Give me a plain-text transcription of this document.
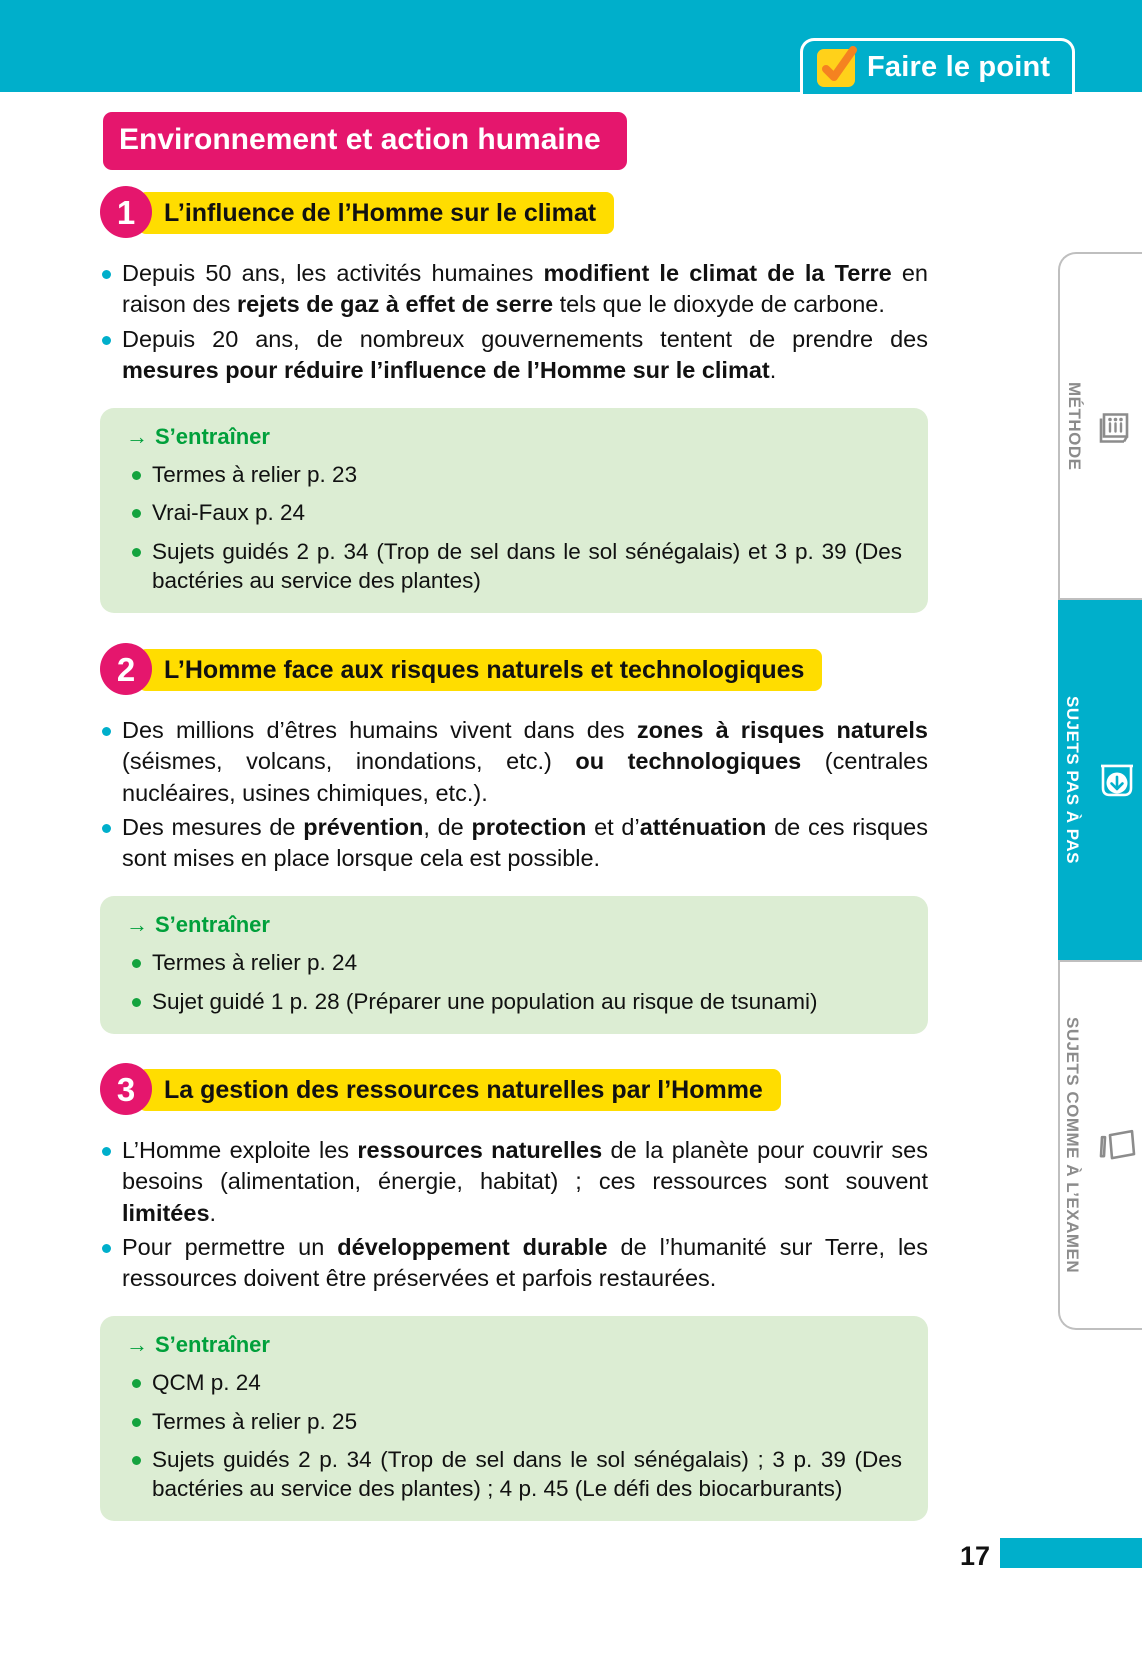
Faire le point
Environnement et action humaine
1	L’influence de l’Homme sur le climat
Depuis 50 ans, les activités humaines modifient le climat de la Terre en raison des rejets de gaz à effet de serre tels que le dioxyde de carbone.
Depuis 20 ans, de nombreux gouvernements tentent de prendre des mesures pour réduire l’influence de l’Homme sur le climat.
→ S’entraîner
Termes à relier p. 23
Vrai-Faux p. 24
Sujets guidés 2 p. 34 (Trop de sel dans le sol sénégalais) et 3 p. 39 (Des bactéries au service des plantes)
2	L’Homme face aux risques naturels et technologiques
Des millions d’êtres humains vivent dans des zones à risques naturels (séismes, volcans, inondations, etc.) ou technologiques (centrales nucléaires, usines chimiques, etc.).
Des mesures de prévention, de protection et d’atténuation de ces risques sont mises en place lorsque cela est possible.
→ S’entraîner
Termes à relier p. 24
Sujet guidé 1 p. 28 (Préparer une population au risque de tsunami)
3	La gestion des ressources naturelles par l’Homme
L’Homme exploite les ressources naturelles de la planète pour couvrir ses besoins (alimentation, énergie, habitat) ; ces ressources sont souvent limitées.
Pour permettre un développement durable de l’humanité sur Terre, les ressources doivent être préservées et parfois restaurées.
→ S’entraîner
QCM p. 24
Termes à relier p. 25
Sujets guidés 2 p. 34 (Trop de sel dans le sol sénégalais) ; 3 p. 39 (Des bactéries au service des plantes) ; 4 p. 45 (Le défi des biocarburants)
MÉTHODE
SUJETS PAS À PAS
SUJETS COMME À L’EXAMEN
17
